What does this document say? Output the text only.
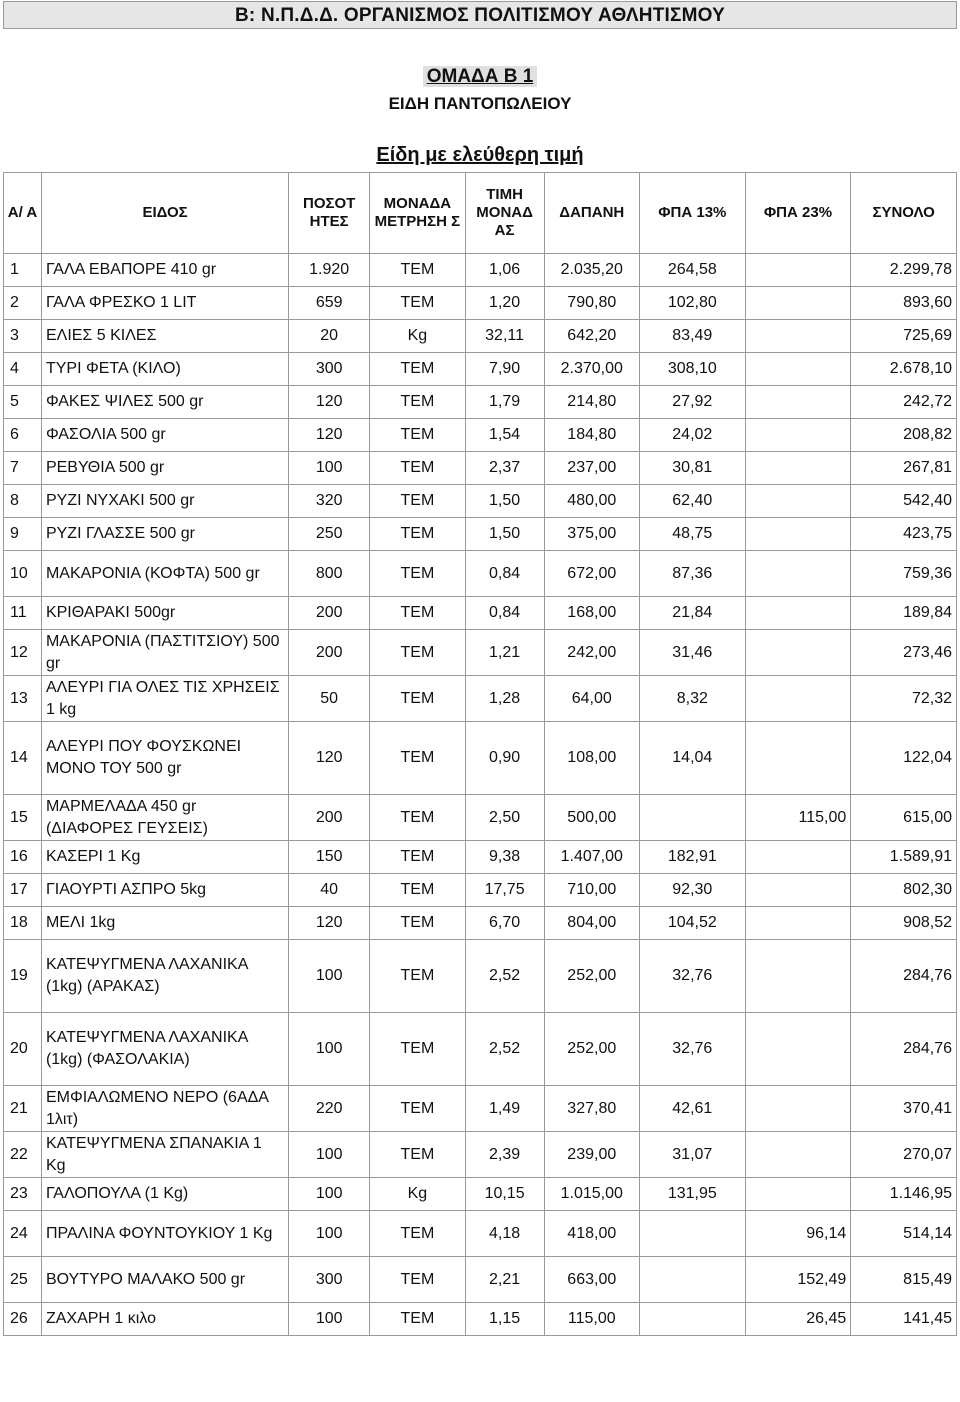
Β: Ν.Π.Δ.Δ. ΟΡΓΑΝΙΣΜΟΣ ΠΟΛΙΤΙΣΜΟΥ ΑΘΛΗΤΙΣΜΟΥ
ΟΜΑΔΑ Β 1
ΕΙΔΗ ΠΑΝΤΟΠΩΛΕΙΟΥ
Είδη με ελεύθερη τιμή
Α/ Α	ΕΙΔΟΣ	ΠΟΣΟΤ ΗΤΕΣ	ΜΟΝΑΔΑ ΜΕΤΡΗΣΗ Σ	ΤΙΜΗ ΜΟΝΑΔ ΑΣ	ΔΑΠΑΝΗ	ΦΠΑ 13%	ΦΠΑ 23%	ΣΥΝΟΛΟ
1	ΓΑΛΑ ΕΒΑΠΟΡΕ 410 gr	1.920	ΤΕΜ	1,06	2.035,20	264,58		2.299,78
2	ΓΑΛΑ ΦΡΕΣΚΟ 1 LIT	659	ΤΕΜ	1,20	790,80	102,80		893,60
3	ΕΛΙΕΣ 5 ΚΙΛΕΣ	20	Kg	32,11	642,20	83,49		725,69
4	ΤΥΡΙ ΦΕΤΑ (ΚΙΛΟ)	300	ΤΕΜ	7,90	2.370,00	308,10		2.678,10
5	ΦΑΚΕΣ ΨΙΛΕΣ 500 gr	120	ΤΕΜ	1,79	214,80	27,92		242,72
6	ΦΑΣΟΛΙΑ 500 gr	120	ΤΕΜ	1,54	184,80	24,02		208,82
7	ΡΕΒΥΘΙΑ 500 gr	100	ΤΕΜ	2,37	237,00	30,81		267,81
8	ΡΥΖΙ ΝΥΧΑΚΙ 500 gr	320	ΤΕΜ	1,50	480,00	62,40		542,40
9	ΡΥΖΙ ΓΛΑΣΣΕ 500 gr	250	ΤΕΜ	1,50	375,00	48,75		423,75
10	ΜΑΚΑΡΟΝΙΑ (ΚΟΦΤΑ) 500 gr	800	ΤΕΜ	0,84	672,00	87,36		759,36
11	ΚΡΙΘΑΡΑΚΙ 500gr	200	ΤΕΜ	0,84	168,00	21,84		189,84
12	ΜΑΚΑΡΟΝΙΑ (ΠΑΣΤΙΤΣΙΟΥ) 500 gr	200	ΤΕΜ	1,21	242,00	31,46		273,46
13	ΑΛΕΥΡΙ ΓΙΑ ΟΛΕΣ ΤΙΣ ΧΡΗΣΕΙΣ 1 kg	50	ΤΕΜ	1,28	64,00	8,32		72,32
14	ΑΛΕΥΡΙ ΠΟΥ ΦΟΥΣΚΩΝΕΙ ΜΟΝΟ ΤΟΥ 500 gr	120	ΤΕΜ	0,90	108,00	14,04		122,04
15	ΜΑΡΜΕΛΑΔΑ 450 gr (ΔΙΑΦΟΡΕΣ ΓΕΥΣΕΙΣ)	200	ΤΕΜ	2,50	500,00		115,00	615,00
16	ΚΑΣΕΡΙ 1 Kg	150	ΤΕΜ	9,38	1.407,00	182,91		1.589,91
17	ΓΙΑΟΥΡΤΙ ΑΣΠΡΟ 5kg	40	ΤΕΜ	17,75	710,00	92,30		802,30
18	ΜΕΛΙ 1kg	120	ΤΕΜ	6,70	804,00	104,52		908,52
19	ΚΑΤΕΨΥΓΜΕΝΑ ΛΑΧΑΝΙΚΑ (1kg) (ΑΡΑΚΑΣ)	100	ΤΕΜ	2,52	252,00	32,76		284,76
20	ΚΑΤΕΨΥΓΜΕΝΑ ΛΑΧΑΝΙΚΑ (1kg) (ΦΑΣΟΛΑΚΙΑ)	100	ΤΕΜ	2,52	252,00	32,76		284,76
21	ΕΜΦΙΑΛΩΜΕΝΟ ΝΕΡΟ (6ΑΔΑ 1λιτ)	220	ΤΕΜ	1,49	327,80	42,61		370,41
22	ΚΑΤΕΨΥΓΜΕΝΑ ΣΠΑΝΑΚΙΑ 1 Kg	100	ΤΕΜ	2,39	239,00	31,07		270,07
23	ΓΑΛΟΠΟΥΛΑ (1 Kg)	100	Kg	10,15	1.015,00	131,95		1.146,95
24	ΠΡΑΛΙΝΑ ΦΟΥΝΤΟΥΚΙΟΥ 1 Kg	100	ΤΕΜ	4,18	418,00		96,14	514,14
25	ΒΟΥΤΥΡΟ ΜΑΛΑΚΟ 500 gr	300	ΤΕΜ	2,21	663,00		152,49	815,49
26	ΖΑΧΑΡΗ 1 κιλο	100	ΤΕΜ	1,15	115,00		26,45	141,45
